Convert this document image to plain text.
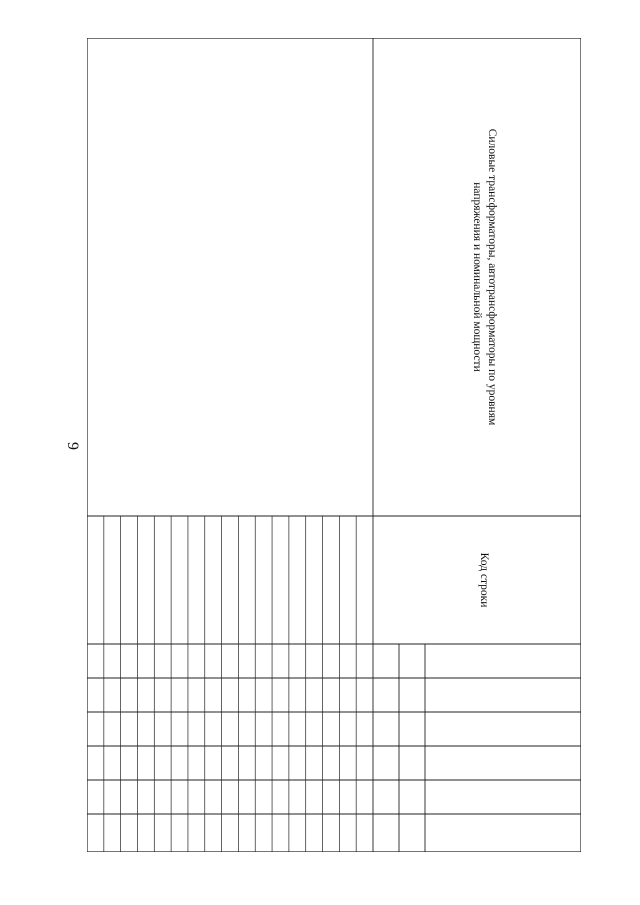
9
Силовые трансформаторы, автотрансформаторы по уровням
напряжения и номинальной мощности
Код строки
